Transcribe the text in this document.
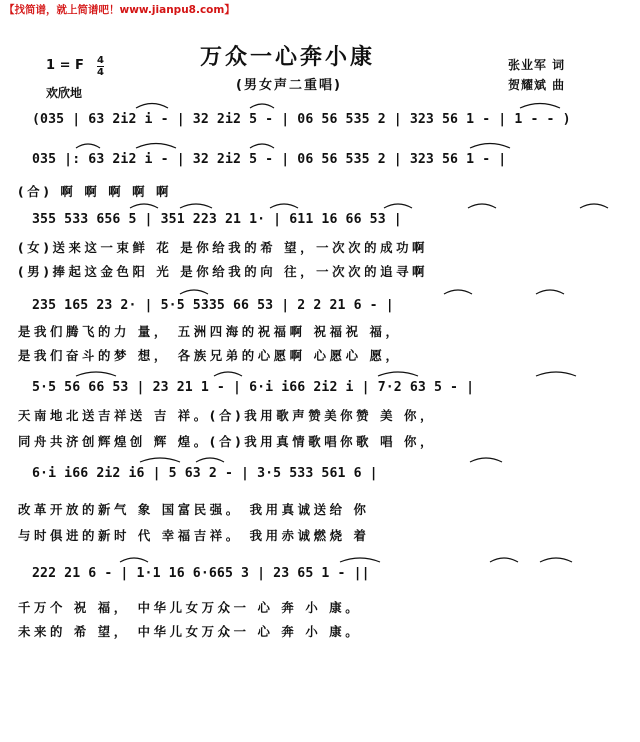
【找简谱，就上简谱吧！www.jianpu8.com】
万众一心奔小康
(男女声二重唱)
1 = F 4
4
欢欣地
张业军 词
贺耀斌 曲
(035 | 63 2i2 i - | 32 2i2 5 - | 06 56 535 2 | 323 56 1 - | 1 - - )
035 |: 63 2i2 i - | 32 2i2 5 - | 06 56 535 2 | 323 56 1 - |
(合) 啊 啊 啊 啊 啊
355 533 656 5 | 351 223 21 1· | 611 16 66 53 |
(女)送来这一束鲜 花 是你给我的希 望，一次次的成功啊
(男)捧起这金色阳 光 是你给我的向 往，一次次的追寻啊
235 165 23 2· | 5·5 5335 66 53 | 2 2 21 6 - |
是我们腾飞的力 量， 五洲四海的祝福啊 祝福祝 福，
是我们奋斗的梦 想， 各族兄弟的心愿啊 心愿心 愿，
5·5 56 66 53 | 23 21 1 - | 6·i i66 2i2 i | 7·2 63 5 - |
天南地北送吉祥送 吉 祥。(合)我用歌声赞美你赞 美 你，
同舟共济创辉煌创 辉 煌。(合)我用真情歌唱你歌 唱 你，
6·i i66 2i2 i6 | 5 63 2 - | 3·5 533 561 6 |
改革开放的新气 象 国富民强。 我用真诚送给 你
与时俱进的新时 代 幸福吉祥。 我用赤诚燃烧 着
222 21 6 - | 1·1 16 6·665 3 | 23 65 1 - ||
千万个 祝 福， 中华儿女万众一 心 奔 小 康。
未来的 希 望， 中华儿女万众一 心 奔 小 康。
